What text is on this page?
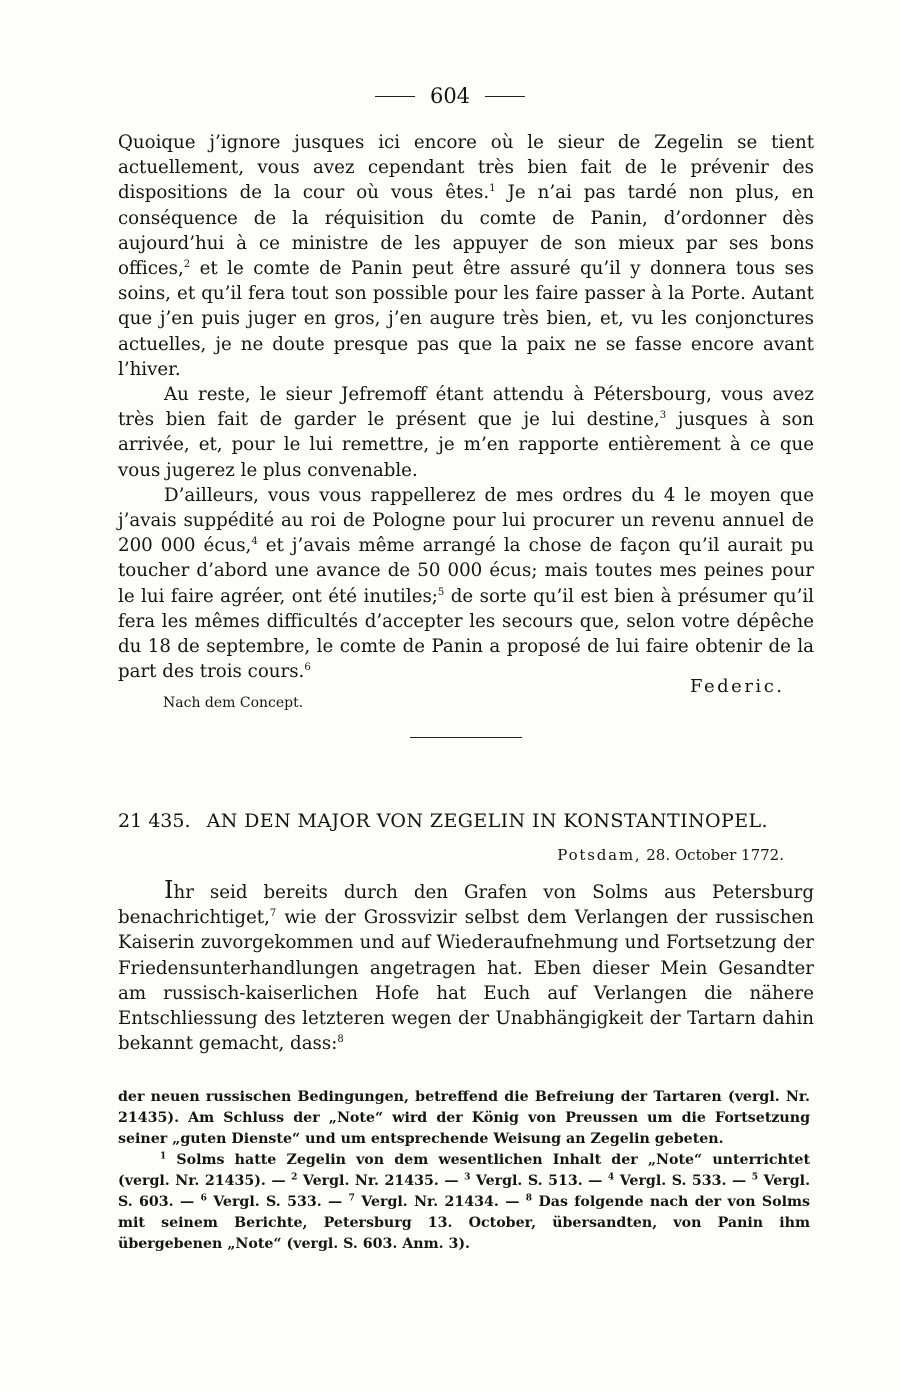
604

Quoique j’ignore jusques ici encore où le sieur de Zegelin se tient actuellement, vous avez cependant très bien fait de le prévenir des dispositions de la cour où vous êtes.$^1$ Je n’ai pas tardé non plus, en conséquence de la réquisition du comte de Panin, d’ordonner dès aujourd’hui à ce ministre de les appuyer de son mieux par ses bons offices,$^2$ et le comte de Panin peut être assuré qu’il y donnera tous ses soins, et qu’il fera tout son possible pour les faire passer à la Porte. Autant que j’en puis juger en gros, j’en augure très bien, et, vu les conjonctures actuelles, je ne doute presque pas que la paix ne se fasse encore avant l’hiver.

Au reste, le sieur Jefremoff étant attendu à Pétersbourg, vous avez très bien fait de garder le présent que je lui destine,$^3$ jusques à son arrivée, et, pour le lui remettre, je m’en rapporte entièrement à ce que vous jugerez le plus convenable.

D’ailleurs, vous vous rappellerez de mes ordres du 4 le moyen que j’avais suppédité au roi de Pologne pour lui procurer un revenu annuel de 200 000 écus,$^4$ et j’avais même arrangé la chose de façon qu’il aurait pu toucher d’abord une avance de 50 000 écus; mais toutes mes peines pour le lui faire agréer, ont été inutiles;$^5$ de sorte qu’il est bien à présumer qu’il fera les mêmes difficultés d’accepter les secours que, selon votre dépêche du 18 de septembre, le comte de Panin a proposé de lui faire obtenir de la part des trois cours.$^6$

Federic.
Nach dem Concept.
21 435. AN DEN MAJOR VON ZEGELIN IN KONSTANTINOPEL.
Potsdam, 28. October 1772.

Ihr seid bereits durch den Grafen von Solms aus Petersburg benachrichtiget,$^7$ wie der Grossvizir selbst dem Verlangen der russischen Kaiserin zuvorgekommen und auf Wiederaufnehmung und Fortsetzung der Friedensunterhandlungen angetragen hat. Eben dieser Mein Gesandter am russisch-kaiserlichen Hofe hat Euch auf Verlangen die nähere Entschliessung des letzteren wegen der Unabhängigkeit der Tartarn dahin bekannt gemacht, dass:$^8$

der neuen russischen Bedingungen, betreffend die Befreiung der Tartaren (vergl. Nr. 21435). Am Schluss der „Note“ wird der König von Preussen um die Fortsetzung seiner „guten Dienste“ und um entsprechende Weisung an Zegelin gebeten.

$^1$ Solms hatte Zegelin von dem wesentlichen Inhalt der „Note“ unterrichtet (vergl. Nr. 21435). — $^2$ Vergl. Nr. 21435. — $^3$ Vergl. S. 513. — $^4$ Vergl. S. 533. — $^5$ Vergl. S. 603. — $^6$ Vergl. S. 533. — $^7$ Vergl. Nr. 21434. — $^8$ Das folgende nach der von Solms mit seinem Berichte, Petersburg 13. October, übersandten, von Panin ihm übergebenen „Note“ (vergl. S. 603. Anm. 3).
